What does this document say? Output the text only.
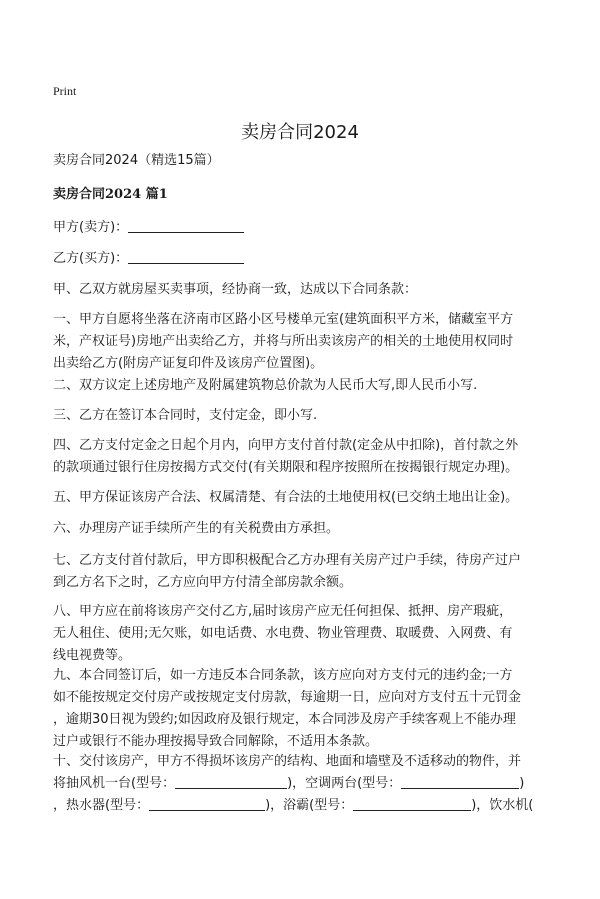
Print
卖房合同2024
卖房合同2024（精选15篇）
卖房合同2024 篇1
甲方(卖方)：
乙方(买方)：
甲、乙双方就房屋买卖事项，经协商一致，达成以下合同条款：
一、甲方自愿将坐落在济南市区路小区号楼单元室(建筑面积平方米，储藏室平方
米，产权证号)房地产出卖给乙方，并将与所出卖该房产的相关的土地使用权同时
出卖给乙方(附房产证复印件及该房产位置图)。
二、双方议定上述房地产及附属建筑物总价款为人民币大写,即人民币小写.
三、乙方在签订本合同时，支付定金，即小写.
四、乙方支付定金之日起个月内，向甲方支付首付款(定金从中扣除)，首付款之外
的款项通过银行住房按揭方式交付(有关期限和程序按照所在按揭银行规定办理)。
五、甲方保证该房产合法、权属清楚、有合法的土地使用权(已交纳土地出让金)。
六、办理房产证手续所产生的有关税费由方承担。
七、乙方支付首付款后，甲方即积极配合乙方办理有关房产过户手续，待房产过户
到乙方名下之时，乙方应向甲方付清全部房款余额。
八、甲方应在前将该房产交付乙方,届时该房产应无任何担保、抵押、房产瑕疵，
无人租住、使用;无欠账，如电话费、水电费、物业管理费、取暖费、入网费、有
线电视费等。
九、本合同签订后，如一方违反本合同条款，该方应向对方支付元的违约金;一方
如不能按规定交付房产或按规定支付房款，每逾期一日，应向对方支付五十元罚金
，逾期30日视为毁约;如因政府及银行规定，本合同涉及房产手续客观上不能办理
过户或银行不能办理按揭导致合同解除，不适用本条款。
十、交付该房产，甲方不得损坏该房产的结构、地面和墙壁及不适移动的物件，并
将抽风机一台(型号：	)，空调两台(型号：	)
，热水器(型号：	)，浴霸(型号：	)，饮水机(
